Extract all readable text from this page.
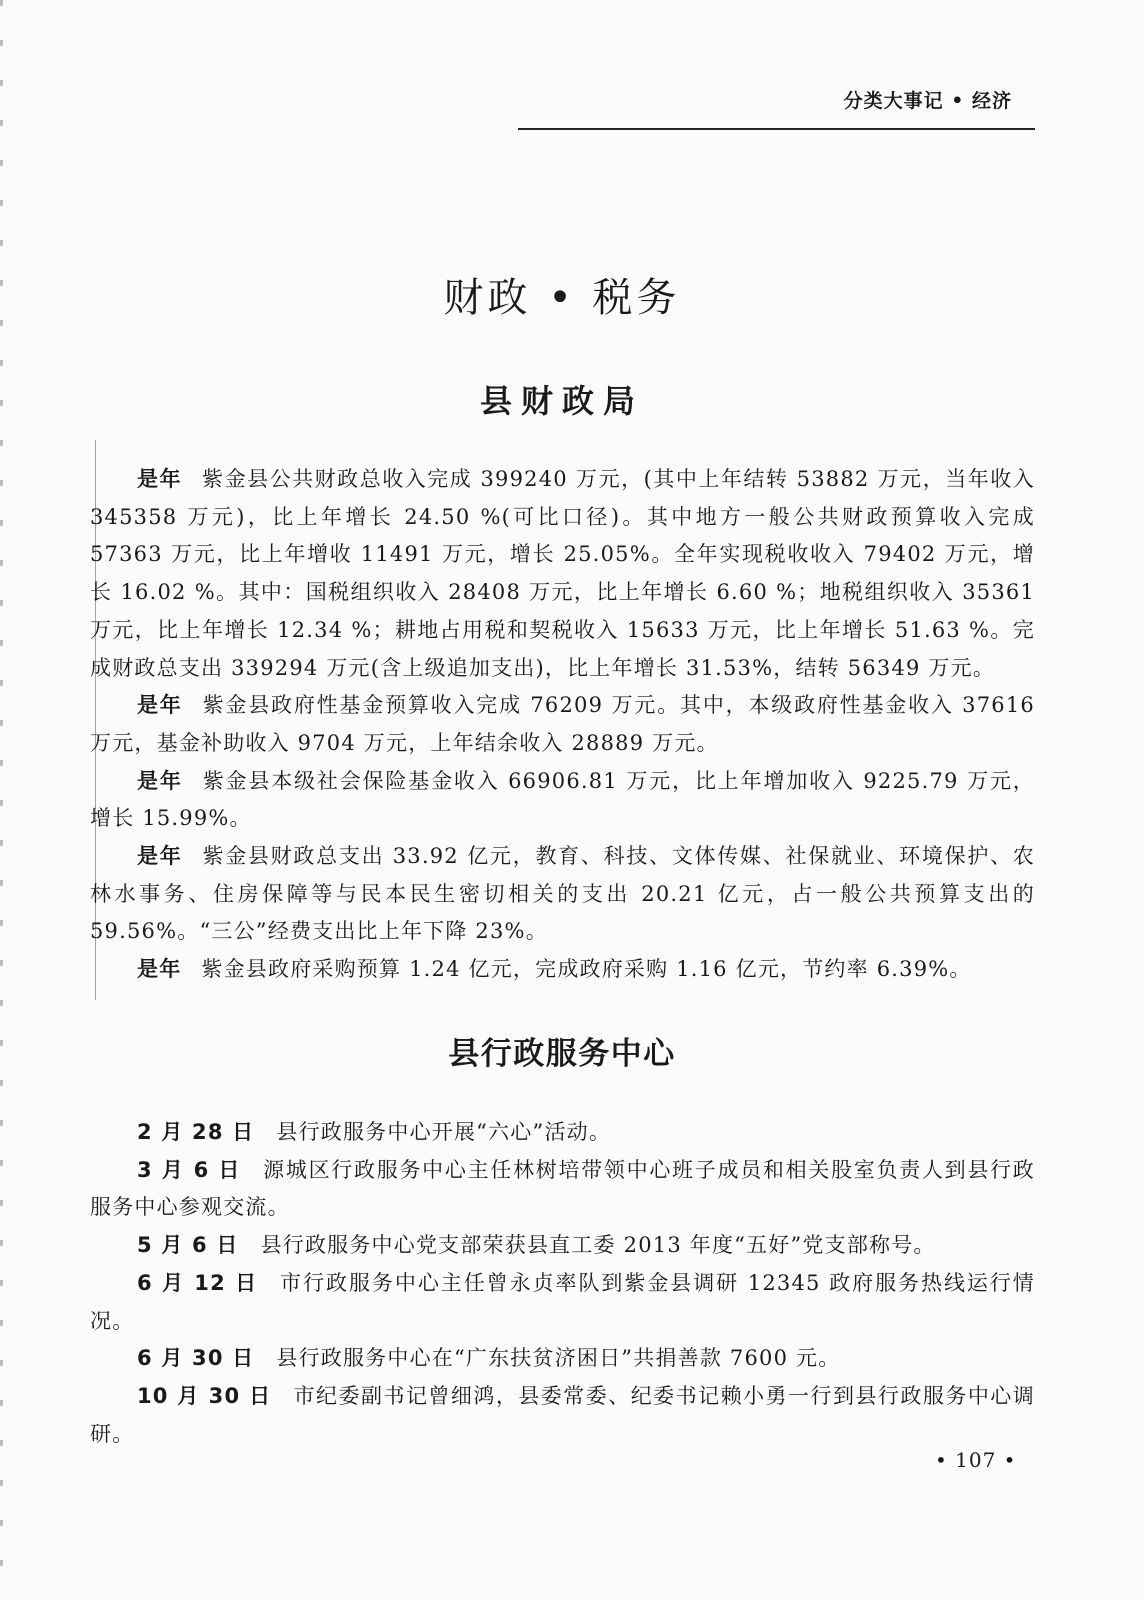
分类大事记 • 经济
财政 • 税务
县财政局

是年 紫金县公共财政总收入完成 399240 万元，(其中上年结转 53882 万元，当年收入 345358 万元)，比上年增长 24.50 %(可比口径)。其中地方一般公共财政预算收入完成 57363 万元，比上年增收 11491 万元，增长 25.05%。全年实现税收收入 79402 万元，增长 16.02 %。其中：国税组织收入 28408 万元，比上年增长 6.60 %；地税组织收入 35361 万元，比上年增长 12.34 %；耕地占用税和契税收入 15633 万元，比上年增长 51.63 %。完成财政总支出 339294 万元(含上级追加支出)，比上年增长 31.53%，结转 56349 万元。

是年 紫金县政府性基金预算收入完成 76209 万元。其中，本级政府性基金收入 37616 万元，基金补助收入 9704 万元，上年结余收入 28889 万元。

是年 紫金县本级社会保险基金收入 66906.81 万元，比上年增加收入 9225.79 万元，增长 15.99%。

是年 紫金县财政总支出 33.92 亿元，教育、科技、文体传媒、社保就业、环境保护、农林水事务、住房保障等与民本民生密切相关的支出 20.21 亿元，占一般公共预算支出的 59.56%。“三公”经费支出比上年下降 23%。

是年 紫金县政府采购预算 1.24 亿元，完成政府采购 1.16 亿元，节约率 6.39%。

县行政服务中心

2 月 28 日 县行政服务中心开展“六心”活动。

3 月 6 日 源城区行政服务中心主任林树培带领中心班子成员和相关股室负责人到县行政服务中心参观交流。

5 月 6 日 县行政服务中心党支部荣获县直工委 2013 年度“五好”党支部称号。

6 月 12 日 市行政服务中心主任曾永贞率队到紫金县调研 12345 政府服务热线运行情况。

6 月 30 日 县行政服务中心在“广东扶贫济困日”共捐善款 7600 元。

10 月 30 日 市纪委副书记曾细鸿，县委常委、纪委书记赖小勇一行到县行政服务中心调研。

• 107 •
